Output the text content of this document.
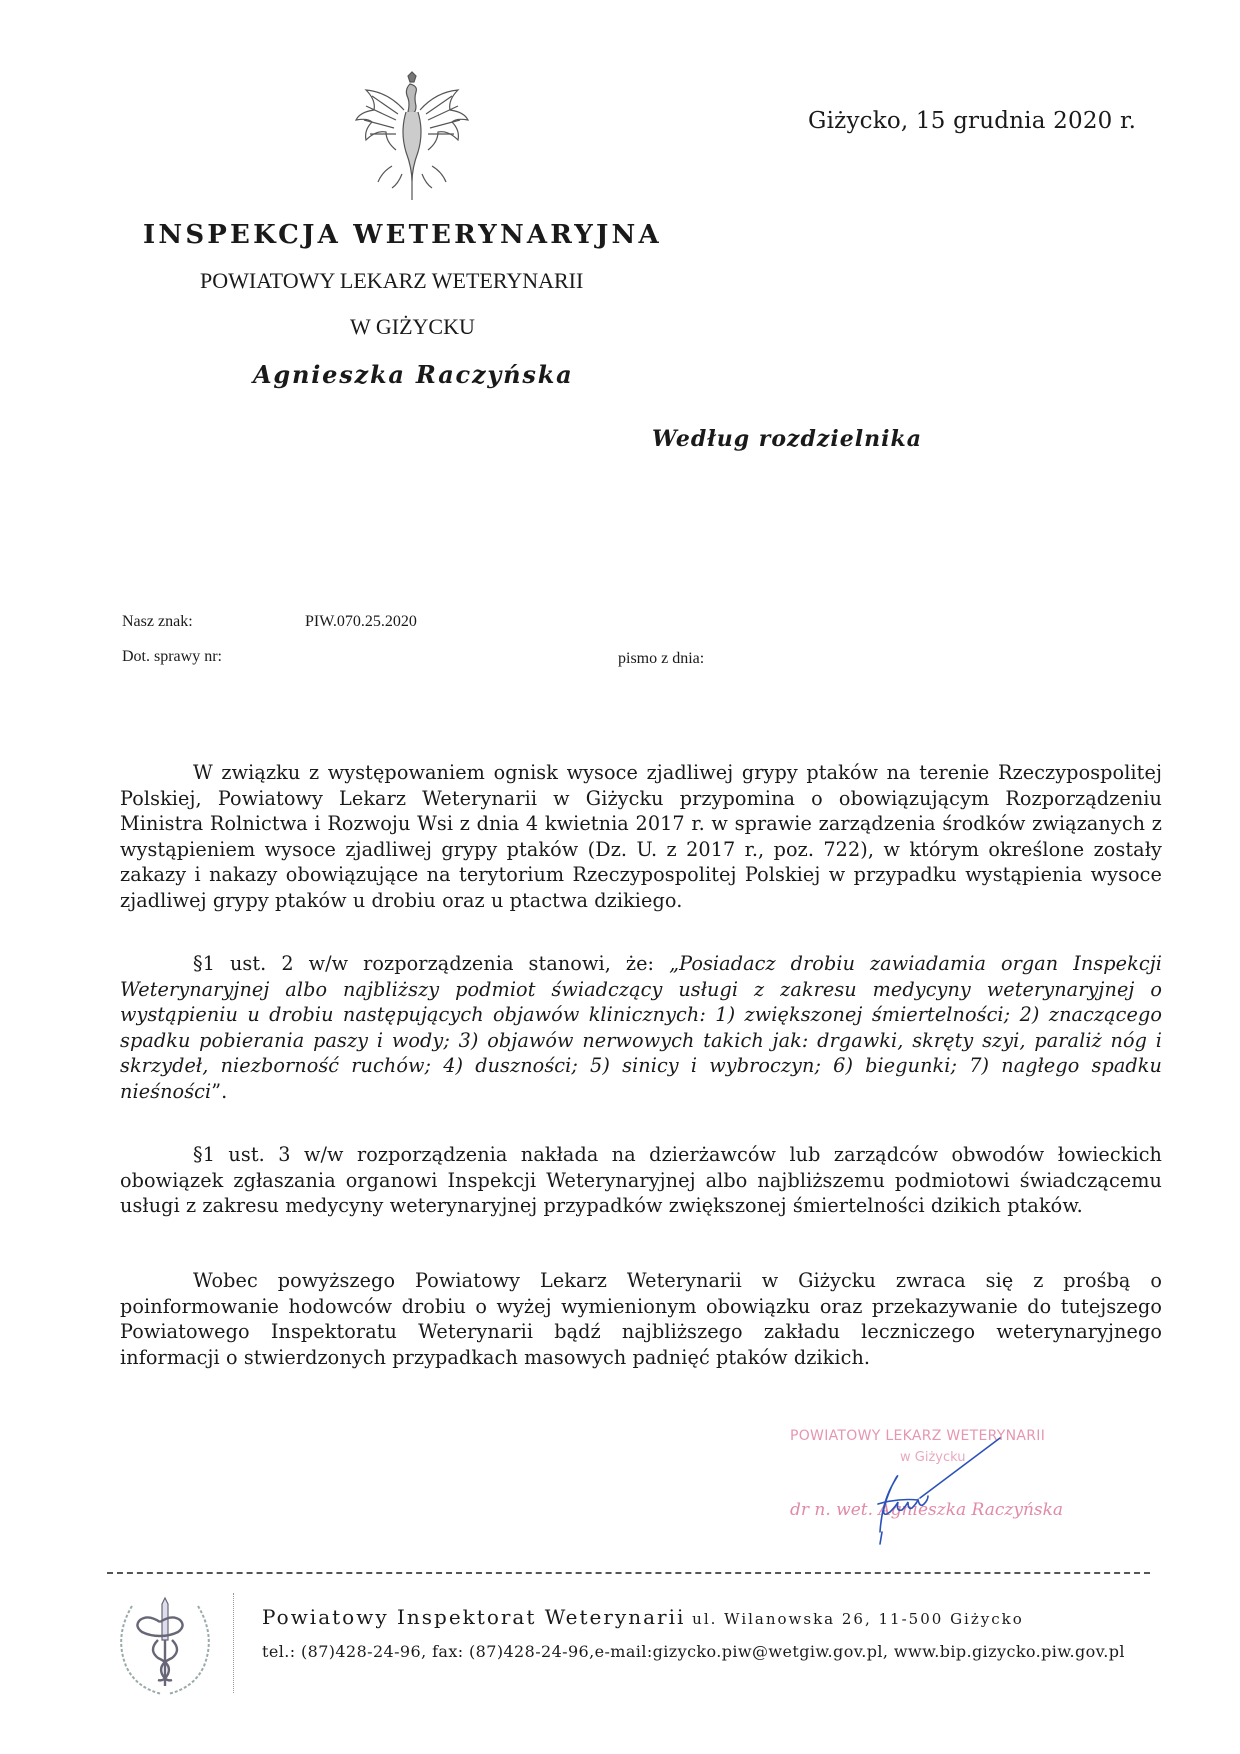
Giżycko, 15 grudnia 2020 r.
INSPEKCJA WETERYNARYJNA
POWIATOWY LEKARZ WETERYNARII
W GIŻYCKU
Agnieszka Raczyńska
Według rozdzielnika
Nasz znak:	PIW.070.25.2020
Dot. sprawy nr:	pismo z dnia:

W związku z występowaniem ognisk wysoce zjadliwej grypy ptaków na terenie Rzeczypospolitej Polskiej, Powiatowy Lekarz Weterynarii w Giżycku przypomina o obowiązującym Rozporządzeniu Ministra Rolnictwa i Rozwoju Wsi z dnia 4 kwietnia 2017 r. w sprawie zarządzenia środków związanych z wystąpieniem wysoce zjadliwej grypy ptaków (Dz. U. z 2017 r., poz. 722), w którym określone zostały zakazy i nakazy obowiązujące na terytorium Rzeczypospolitej Polskiej w przypadku wystąpienia wysoce zjadliwej grypy ptaków u drobiu oraz u ptactwa dzikiego.

§1 ust. 2 w/w rozporządzenia stanowi, że: „Posiadacz drobiu zawiadamia organ Inspekcji Weterynaryjnej albo najbliższy podmiot świadczący usługi z zakresu medycyny weterynaryjnej o wystąpieniu u drobiu następujących objawów klinicznych: 1) zwiększonej śmiertelności; 2) znaczącego spadku pobierania paszy i wody; 3) objawów nerwowych takich jak: drgawki, skręty szyi, paraliż nóg i skrzydeł, niezborność ruchów; 4) duszności; 5) sinicy i wybroczyn; 6) biegunki; 7) nagłego spadku nieśności”.

§1 ust. 3 w/w rozporządzenia nakłada na dzierżawców lub zarządców obwodów łowieckich obowiązek zgłaszania organowi Inspekcji Weterynaryjnej albo najbliższemu podmiotowi świadczącemu usługi z zakresu medycyny weterynaryjnej przypadków zwiększonej śmiertelności dzikich ptaków.

Wobec powyższego Powiatowy Lekarz Weterynarii w Giżycku zwraca się z prośbą o poinformowanie hodowców drobiu o wyżej wymienionym obowiązku oraz przekazywanie do tutejszego Powiatowego Inspektoratu Weterynarii bądź najbliższego zakładu leczniczego weterynaryjnego informacji o stwierdzonych przypadkach masowych padnięć ptaków dzikich.

POWIATOWY LEKARZ WETERYNARII
w Giżycku
dr n. wet. Agnieszka Raczyńska
Powiatowy Inspektorat Weterynarii ul. Wilanowska 26, 11-500 Giżycko
tel.: (87)428-24-96, fax: (87)428-24-96,e-mail:gizycko.piw@wetgiw.gov.pl, www.bip.gizycko.piw.gov.pl
